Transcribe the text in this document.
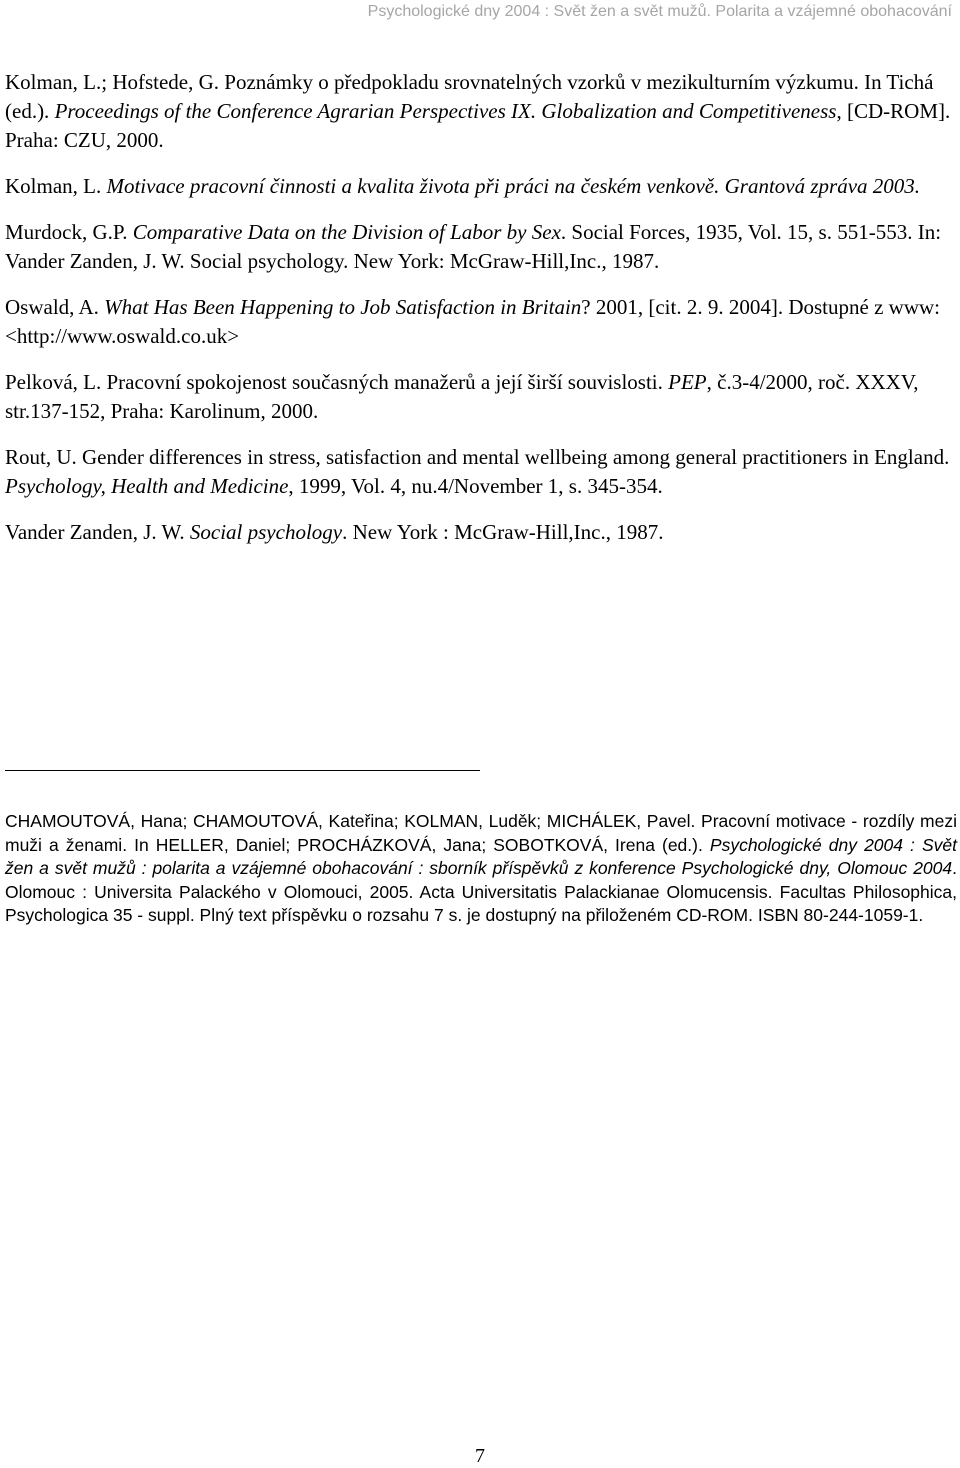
Psychologické dny 2004 : Svět žen a svět mužů. Polarita a vzájemné obohacování

Kolman, L.; Hofstede, G. Poznámky o předpokladu srovnatelných vzorků v mezikulturním výzkumu. In Tichá (ed.). Proceedings of the Conference Agrarian Perspectives IX. Globalization and Competitiveness, [CD-ROM]. Praha: CZU, 2000.

Kolman, L. Motivace pracovní činnosti a kvalita života při práci na českém venkově. Grantová zpráva 2003.

Murdock, G.P. Comparative Data on the Division of Labor by Sex. Social Forces, 1935, Vol. 15, s. 551-553. In: Vander Zanden, J. W. Social psychology. New York: McGraw-Hill,Inc., 1987.

Oswald, A. What Has Been Happening to Job Satisfaction in Britain? 2001, [cit. 2. 9. 2004]. Dostupné z www: <http://www.oswald.co.uk>

Pelková, L. Pracovní spokojenost současných manažerů a její širší souvislosti. PEP, č.3-4/2000, roč. XXXV, str.137-152, Praha: Karolinum, 2000.

Rout, U. Gender differences in stress, satisfaction and mental wellbeing among general practitioners in England. Psychology, Health and Medicine, 1999, Vol. 4, nu.4/November 1, s. 345-354.

Vander Zanden, J. W. Social psychology. New York : McGraw-Hill,Inc., 1987.

CHAMOUTOVÁ, Hana; CHAMOUTOVÁ, Kateřina; KOLMAN, Luděk; MICHÁLEK, Pavel. Pracovní motivace - rozdíly mezi muži a ženami. In HELLER, Daniel; PROCHÁZKOVÁ, Jana; SOBOTKOVÁ, Irena (ed.). Psychologické dny 2004 : Svět žen a svět mužů : polarita a vzájemné obohacování : sborník příspěvků z konference Psychologické dny, Olomouc 2004. Olomouc : Universita Palackého v Olomouci, 2005. Acta Universitatis Palackianae Olomucensis. Facultas Philosophica, Psychologica 35 - suppl. Plný text příspěvku o rozsahu 7 s. je dostupný na přiloženém CD-ROM. ISBN 80-244-1059-1.

7
